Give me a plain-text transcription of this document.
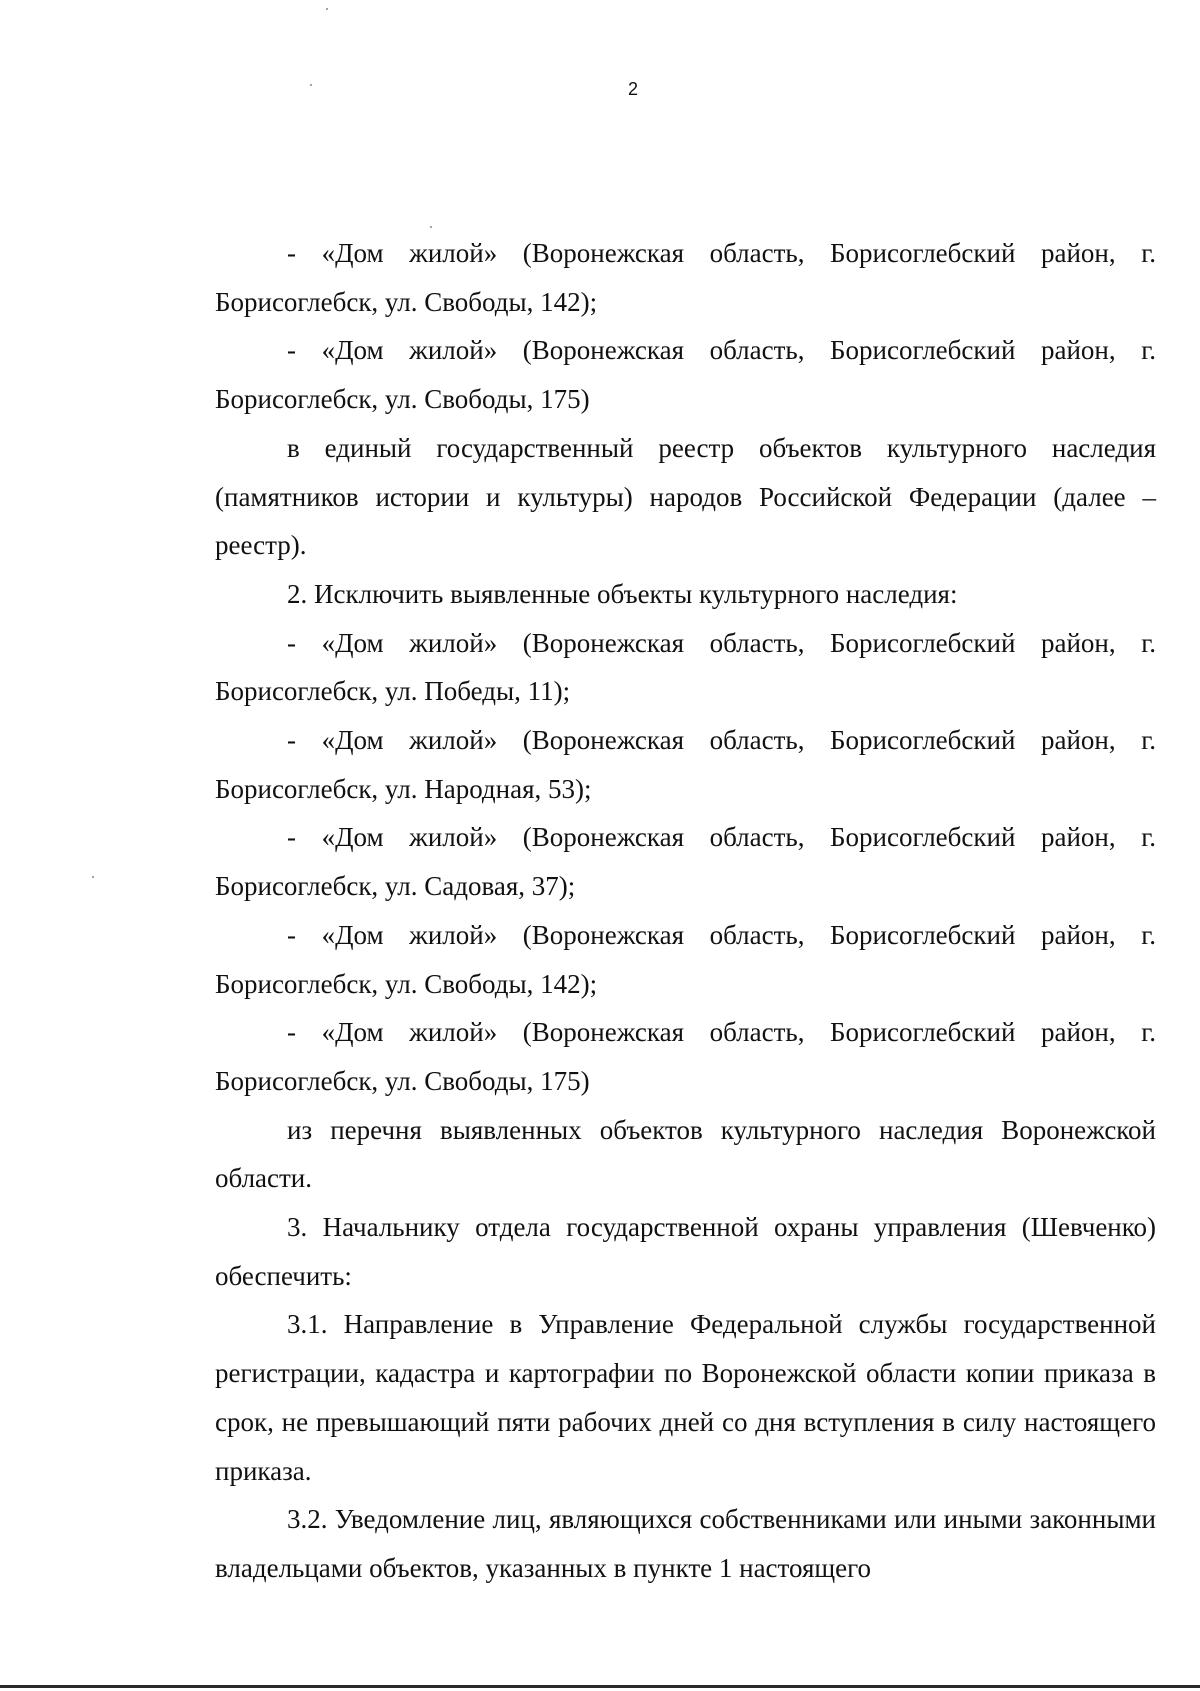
2

- «Дом жилой» (Воронежская область, Борисоглебский район, г. Борисоглебск, ул. Свободы, 142);

- «Дом жилой» (Воронежская область, Борисоглебский район, г. Борисоглебск, ул. Свободы, 175)

в единый государственный реестр объектов культурного наследия (памятников истории и культуры) народов Российской Федерации (далее – реестр).

2. Исключить выявленные объекты культурного наследия:

- «Дом жилой» (Воронежская область, Борисоглебский район, г. Борисоглебск, ул. Победы, 11);

- «Дом жилой» (Воронежская область, Борисоглебский район, г. Борисоглебск, ул. Народная, 53);

- «Дом жилой» (Воронежская область, Борисоглебский район, г. Борисоглебск, ул. Садовая, 37);

- «Дом жилой» (Воронежская область, Борисоглебский район, г. Борисоглебск, ул. Свободы, 142);

- «Дом жилой» (Воронежская область, Борисоглебский район, г. Борисоглебск, ул. Свободы, 175)

из перечня выявленных объектов культурного наследия Воронежской области.

3. Начальнику отдела государственной охраны управления (Шевченко) обеспечить:

3.1. Направление в Управление Федеральной службы государственной регистрации, кадастра и картографии по Воронежской области копии приказа в срок, не превышающий пяти рабочих дней со дня вступления в силу настоящего приказа.

3.2. Уведомление лиц, являющихся собственниками или иными законными владельцами объектов, указанных в пункте 1 настоящего
